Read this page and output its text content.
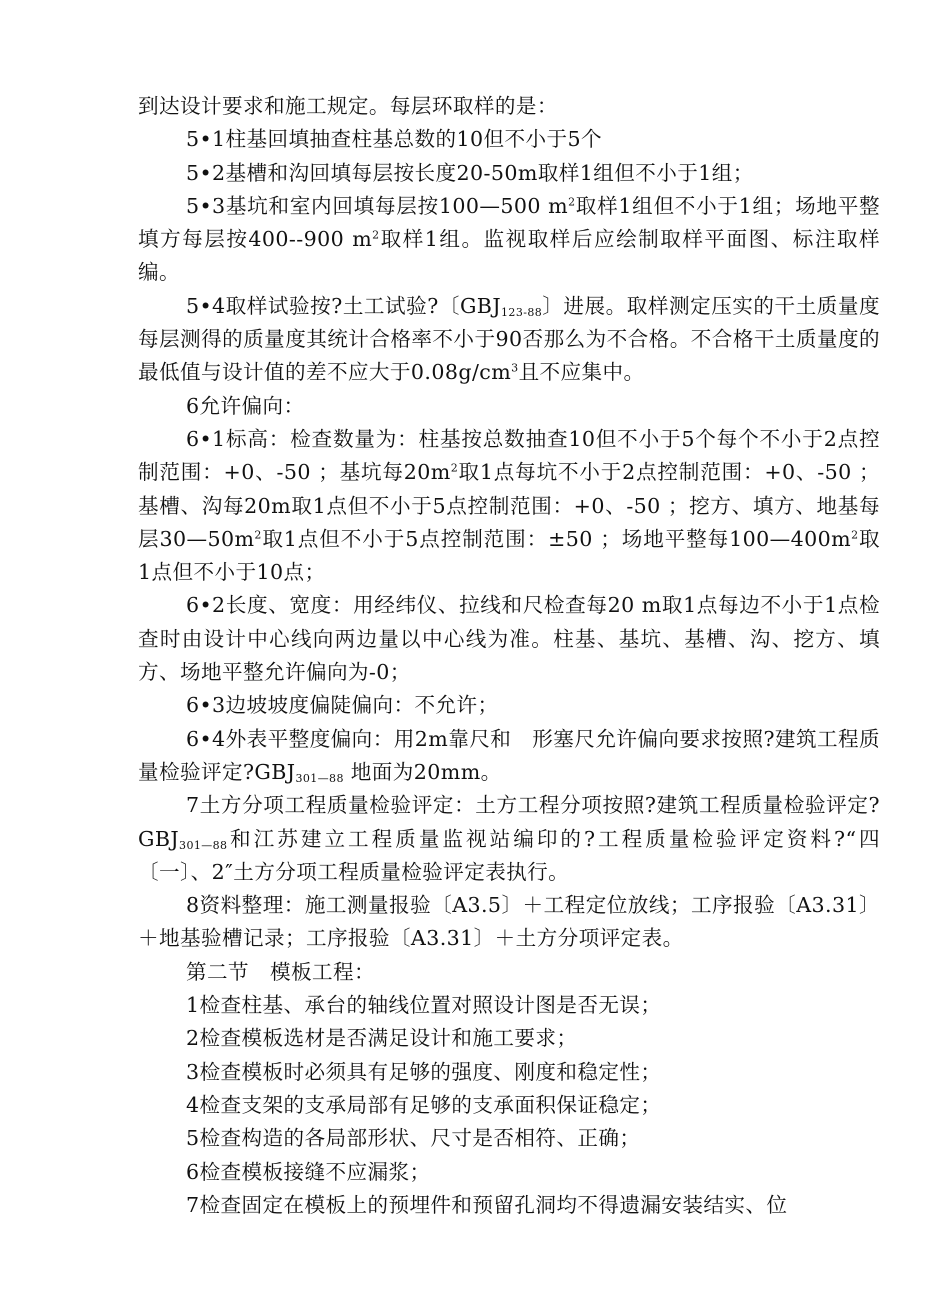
到达设计要求和施工规定。每层环取样的是：

5•1柱基回填抽查柱基总数的10但不小于5个

5•2基槽和沟回填每层按长度20-50m取样1组但不小于1组；

5•3基坑和室内回填每层按100—500 $m^2$取样1组但不小于1组；场地平整填方每层按400--900 $m^2$取样1组。监视取样后应绘制取样平面图、标注取样编。

5•4取样试验按?土工试验?〔$GBJ_{123-88}$〕进展。取样测定压实的干土质量度每层测得的质量度其统计合格率不小于90否那么为不合格。不合格干土质量度的最低值与设计值的差不应大于$0.08g/cm^3$且不应集中。

6允许偏向：

6•1标高：检查数量为：柱基按总数抽查10但不小于5个每个不小于2点控制范围：+0、-50 ；基坑每$20m^2$取1点每坑不小于2点控制范围：+0、-50 ；基槽、沟每20m取1点但不小于5点控制范围：+0、-50 ；挖方、填方、地基每层$30—50m^2$取1点但不小于5点控制范围：±50 ；场地平整每$100—400m^2$取1点但不小于10点；

6•2长度、宽度：用经纬仪、拉线和尺检查每20 m取1点每边不小于1点检查时由设计中心线向两边量以中心线为准。柱基、基坑、基槽、沟、挖方、填方、场地平整允许偏向为-0；

6•3边坡坡度偏陡偏向：不允许；

6•4外表平整度偏向：用2m靠尺和　形塞尺允许偏向要求按照?建筑工程质量检验评定$?GBJ_{301—88}$ 地面为20mm。

7土方分项工程质量检验评定：土方工程分项按照?建筑工程质量检验评定$?GBJ_{301—88}$和江苏建立工程质量监视站编印的?工程质量检验评定资料?“四〔一〕、2″土方分项工程质量检验评定表执行。

8资料整理：施工测量报验〔A3.5〕＋工程定位放线；工序报验〔A3.31〕＋地基验槽记录；工序报验〔A3.31〕＋土方分项评定表。

第二节　模板工程：

1检查柱基、承台的轴线位置对照设计图是否无误；

2检查模板选材是否满足设计和施工要求；

3检查模板时必须具有足够的强度、刚度和稳定性；

4检查支架的支承局部有足够的支承面积保证稳定；

5检查构造的各局部形状、尺寸是否相符、正确；

6检查模板接缝不应漏浆；

7检查固定在模板上的预埋件和预留孔洞均不得遗漏安装结实、位
